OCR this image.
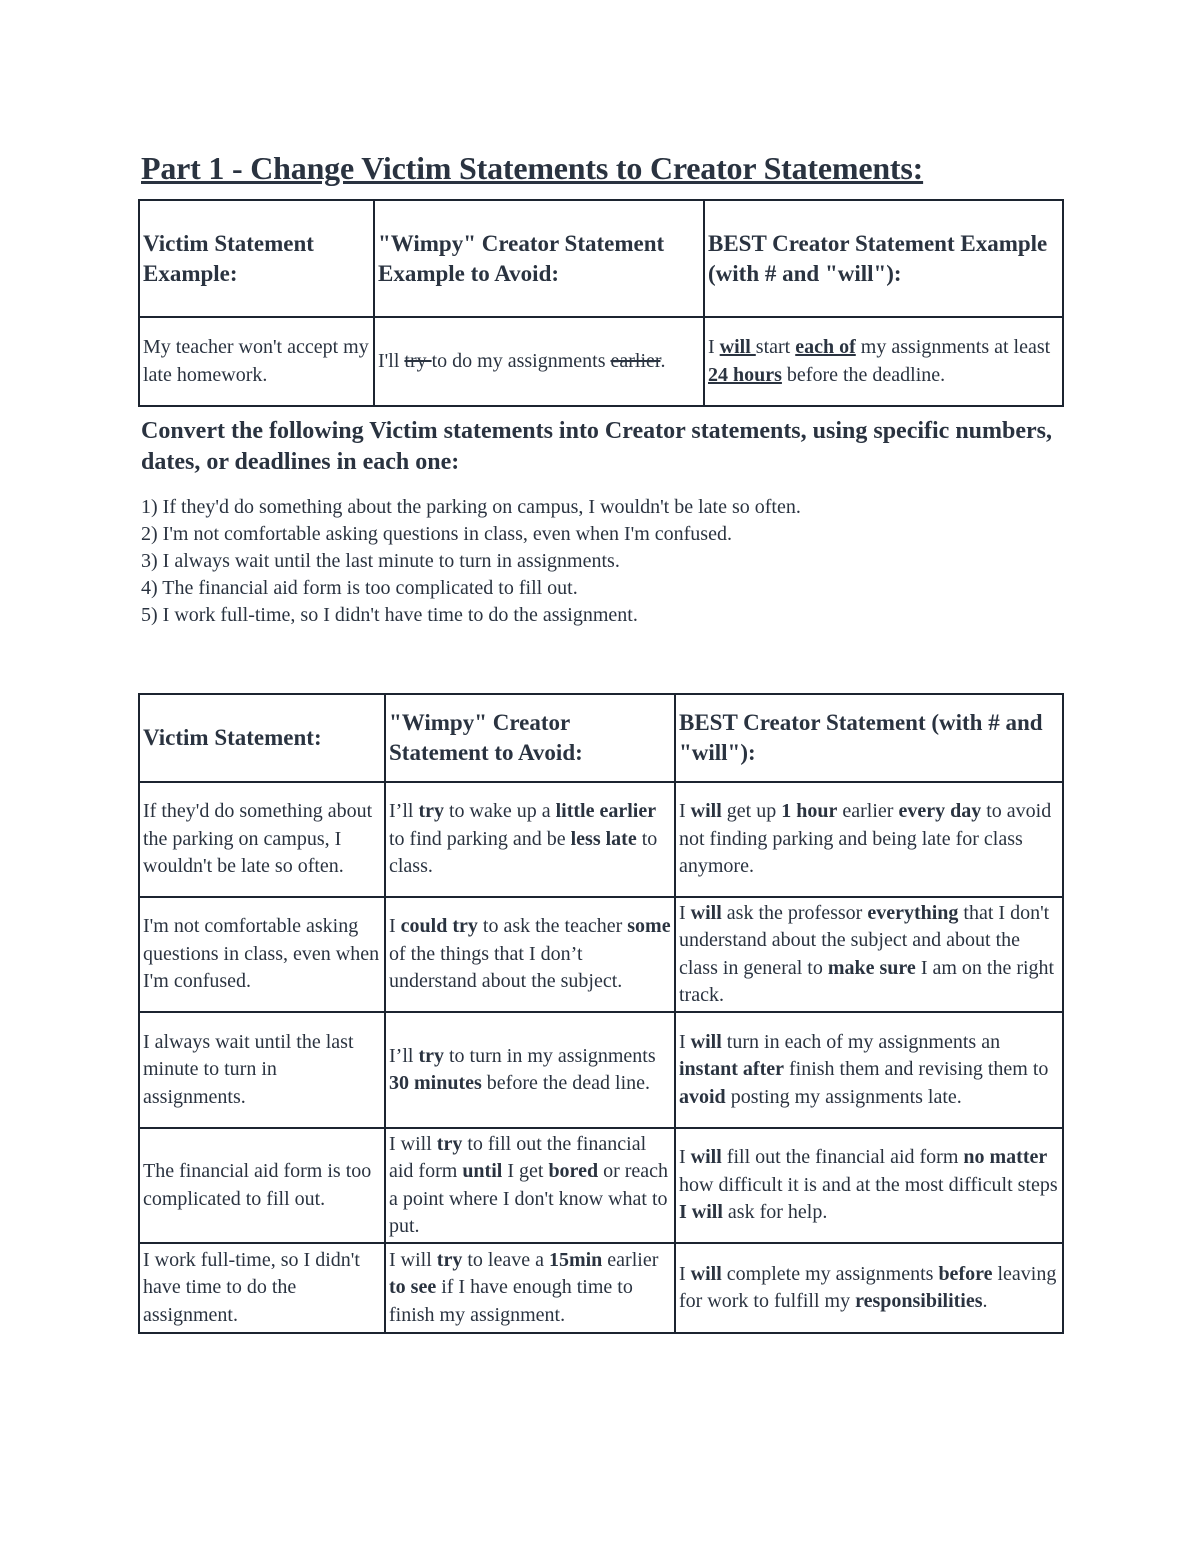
Part 1 - Change Victim Statements to Creator Statements:
Victim Statement Example:	"Wimpy" Creator Statement Example to Avoid:	BEST Creator Statement Example (with # and "will"):
My teacher won't accept my late homework.	I'll try to do my assignments earlier.	I will start each of my assignments at least 24 hours before the deadline.

Convert the following Victim statements into Creator statements, using specific numbers, dates, or deadlines in each one:

1) If they'd do something about the parking on campus, I wouldn't be late so often.
2) I'm not comfortable asking questions in class, even when I'm confused.
3) I always wait until the last minute to turn in assignments.
4) The financial aid form is too complicated to fill out.
5) I work full-time, so I didn't have time to do the assignment.
Victim Statement:	"Wimpy" Creator Statement to Avoid:	BEST Creator Statement (with # and "will"):
If they'd do something about the parking on campus, I wouldn't be late so often.	I’ll try to wake up a little earlier to find parking and be less late to class.	I will get up 1 hour earlier every day to avoid not finding parking and being late for class anymore.
I'm not comfortable asking questions in class, even when I'm confused.	I could try to ask the teacher some of the things that I don’t understand about the subject.	I will ask the professor everything that I don't understand about the subject and about the class in general to make sure I am on the right track.
I always wait until the last minute to turn in assignments.	I’ll try to turn in my assignments 30 minutes before the dead line.	I will turn in each of my assignments an instant after finish them and revising them to avoid posting my assignments late.
The financial aid form is too complicated to fill out.	I will try to fill out the financial aid form until I get bored or reach a point where I don't know what to put.	I will fill out the financial aid form no matter how difficult it is and at the most difficult steps I will ask for help.
I work full-time, so I didn't have time to do the assignment.	I will try to leave a 15min earlier to see if I have enough time to finish my assignment.	I will complete my assignments before leaving for work to fulfill my responsibilities.
